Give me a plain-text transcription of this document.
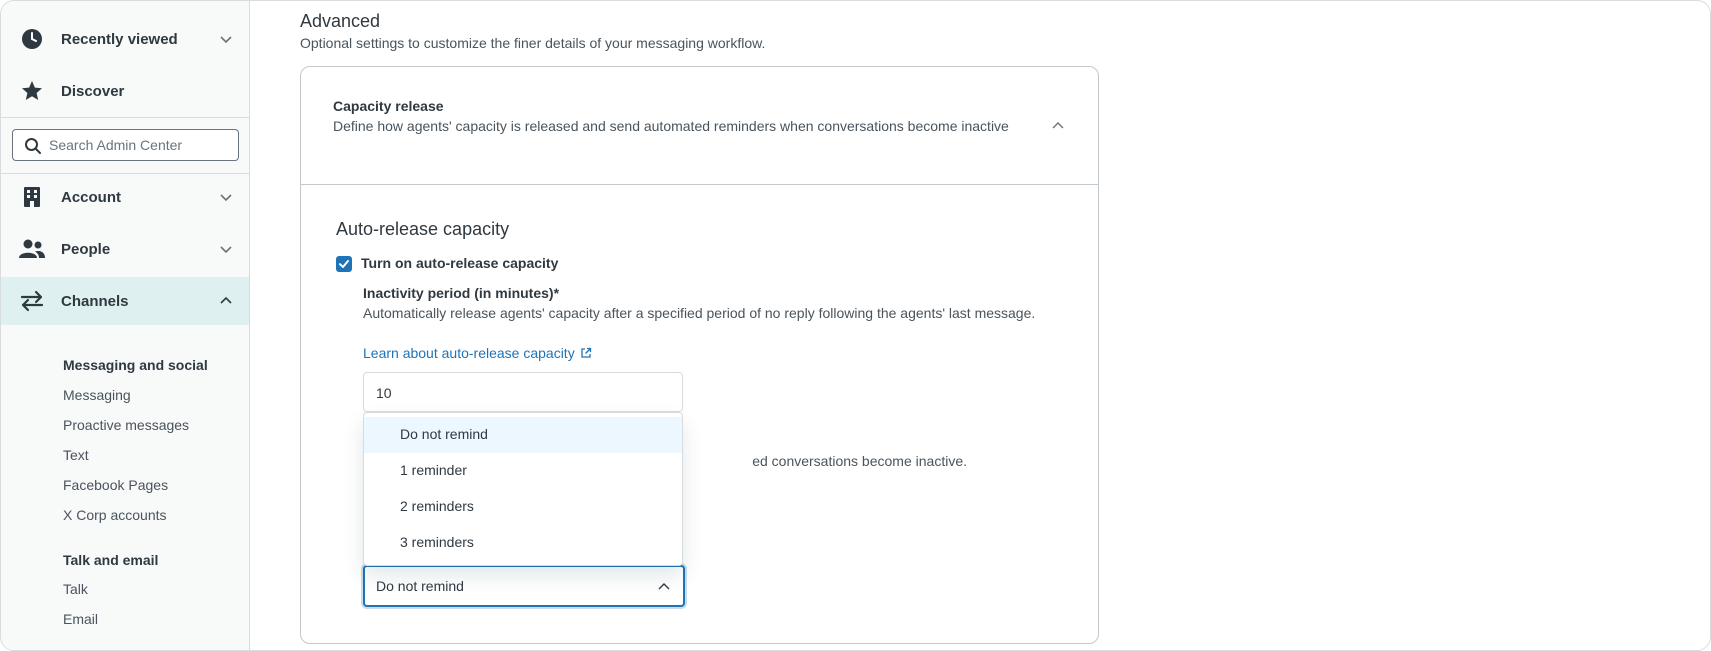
Recently viewed
Discover
Search Admin Center
Account
People
Channels
Messaging and social
Messaging
Proactive messages
Text
Facebook Pages
X Corp accounts
Talk and email
Talk
Email
Advanced
Optional settings to customize the finer details of your messaging workflow.
Capacity release
Define how agents' capacity is released and send automated reminders when conversations become inactive
Auto-release capacity
Turn on auto-release capacity
Inactivity period (in minutes)*
Automatically release agents' capacity after a specified period of no reply following the agents' last message.
Learn about auto-release capacity
10
ed conversations become inactive.
Do not remind
Do not remind
1 reminder
2 reminders
3 reminders
